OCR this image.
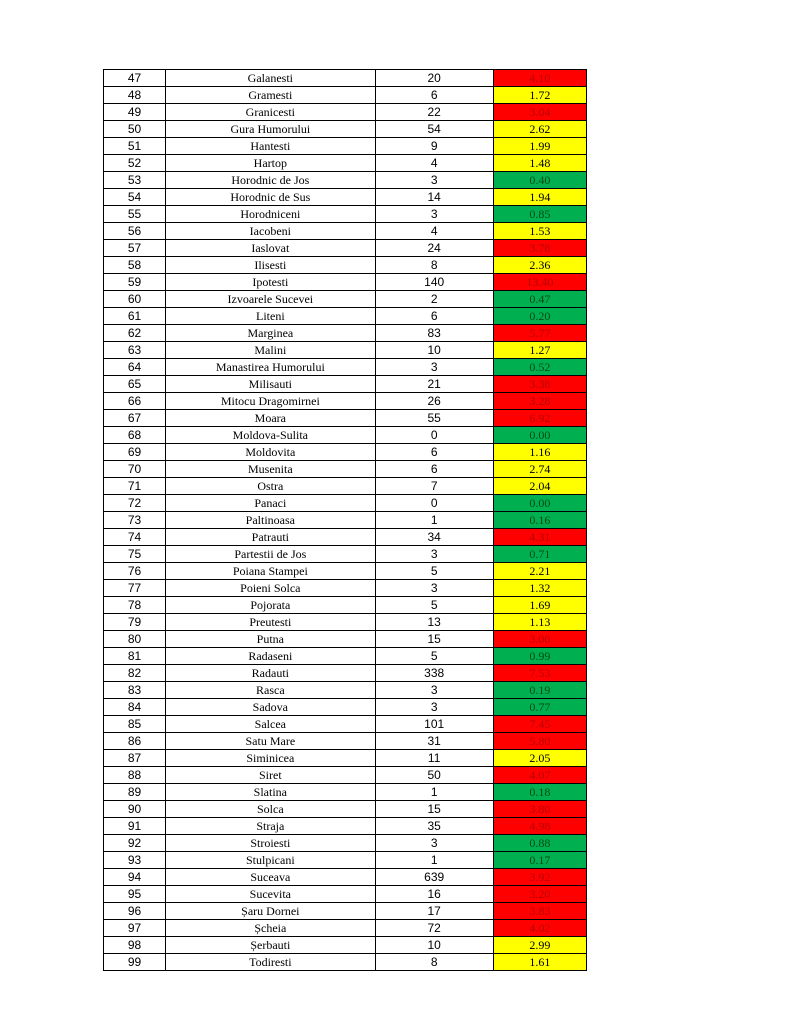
47	Galanesti	20	4.10
48	Gramesti	6	1.72
49	Granicesti	22	3.04
50	Gura Humorului	54	2.62
51	Hantesti	9	1.99
52	Hartop	4	1.48
53	Horodnic de Jos	3	0.40
54	Horodnic de Sus	14	1.94
55	Horodniceni	3	0.85
56	Iacobeni	4	1.53
57	Iaslovat	24	3.78
58	Ilisesti	8	2.36
59	Ipotesti	140	13.40
60	Izvoarele Sucevei	2	0.47
61	Liteni	6	0.20
62	Marginea	83	5.77
63	Malini	10	1.27
64	Manastirea Humorului	3	0.52
65	Milisauti	21	3.38
66	Mitocu Dragomirnei	26	3.28
67	Moara	55	6.92
68	Moldova-Sulita	0	0.00
69	Moldovita	6	1.16
70	Musenita	6	2.74
71	Ostra	7	2.04
72	Panaci	0	0.00
73	Paltinoasa	1	0.16
74	Patrauti	34	4.31
75	Partestii de Jos	3	0.71
76	Poiana Stampei	5	2.21
77	Poieni Solca	3	1.32
78	Pojorata	5	1.69
79	Preutesti	13	1.13
80	Putna	15	3.00
81	Radaseni	5	0.99
82	Radauti	338	7.53
83	Rasca	3	0.19
84	Sadova	3	0.77
85	Salcea	101	7.45
86	Satu Mare	31	5.80
87	Siminicea	11	2.05
88	Siret	50	4.07
89	Slatina	1	0.18
90	Solca	15	3.80
91	Straja	35	4.98
92	Stroiesti	3	0.88
93	Stulpicani	1	0.17
94	Suceava	639	3.92
95	Sucevita	16	3.20
96	Șaru Dornei	17	3.83
97	Șcheia	72	4.02
98	Șerbauti	10	2.99
99	Todiresti	8	1.61
